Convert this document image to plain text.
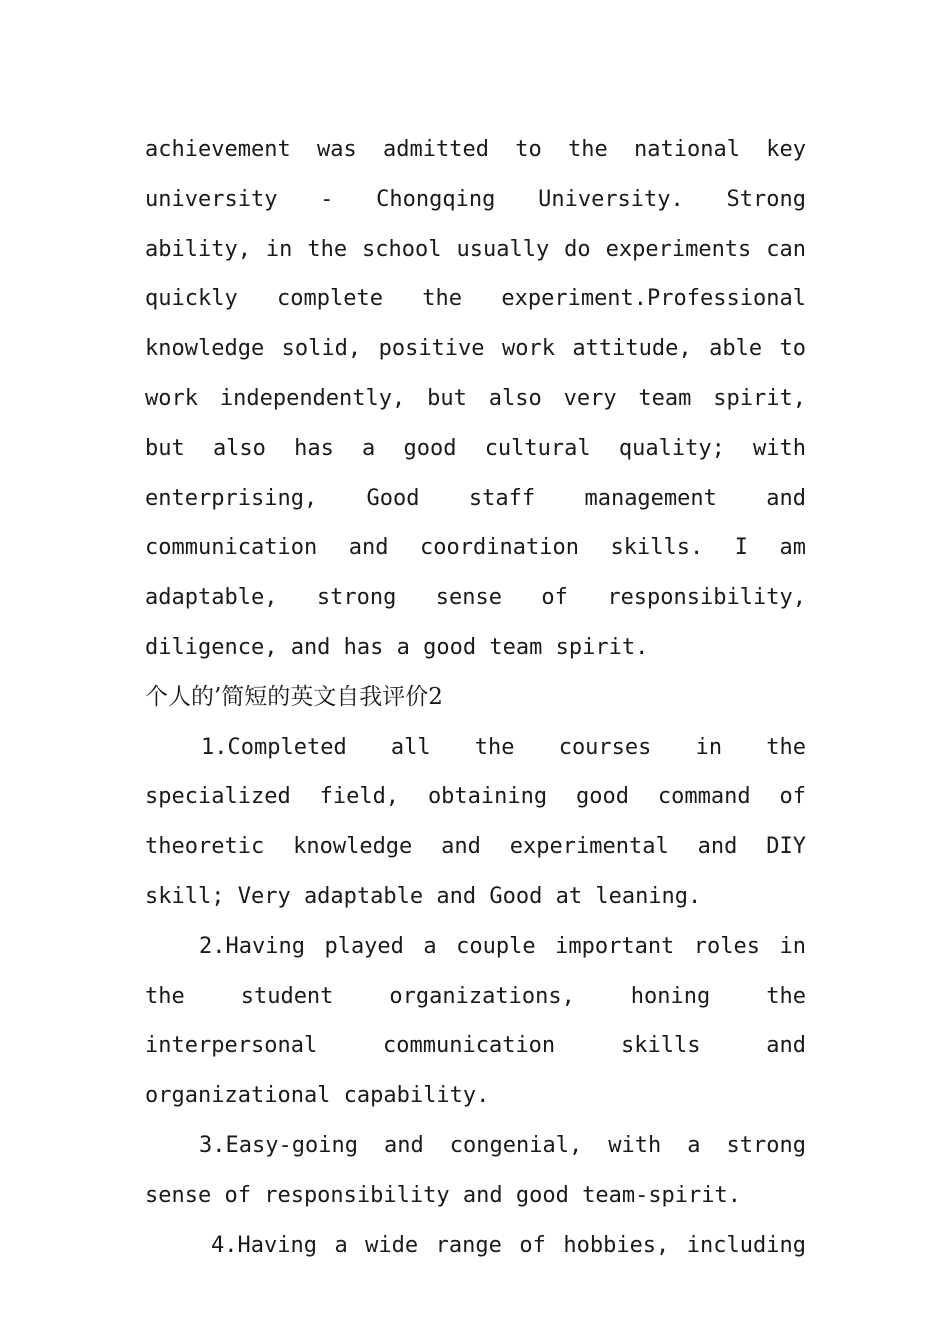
achievement was admitted to the national key university - Chongqing University. Strong ability, in the school usually do experiments can quickly complete the experiment.Professional knowledge solid, positive work attitude, able to work independently, but also very team spirit, but also has a good cultural quality; with enterprising, Good staff management and communication and coordination skills. I am adaptable, strong sense of responsibility, diligence, and has a good team spirit.

个人的’简短的英文自我评价2

1.Completed all the courses in the specialized field, obtaining good command of theoretic knowledge and experimental and DIY skill; Very adaptable and Good at leaning.

2.Having played a couple important roles in the student organizations, honing the interpersonal communication skills and organizational capability.

3.Easy-going and congenial, with a strong sense of responsibility and good team-spirit.

4.Having a wide range of hobbies, including
